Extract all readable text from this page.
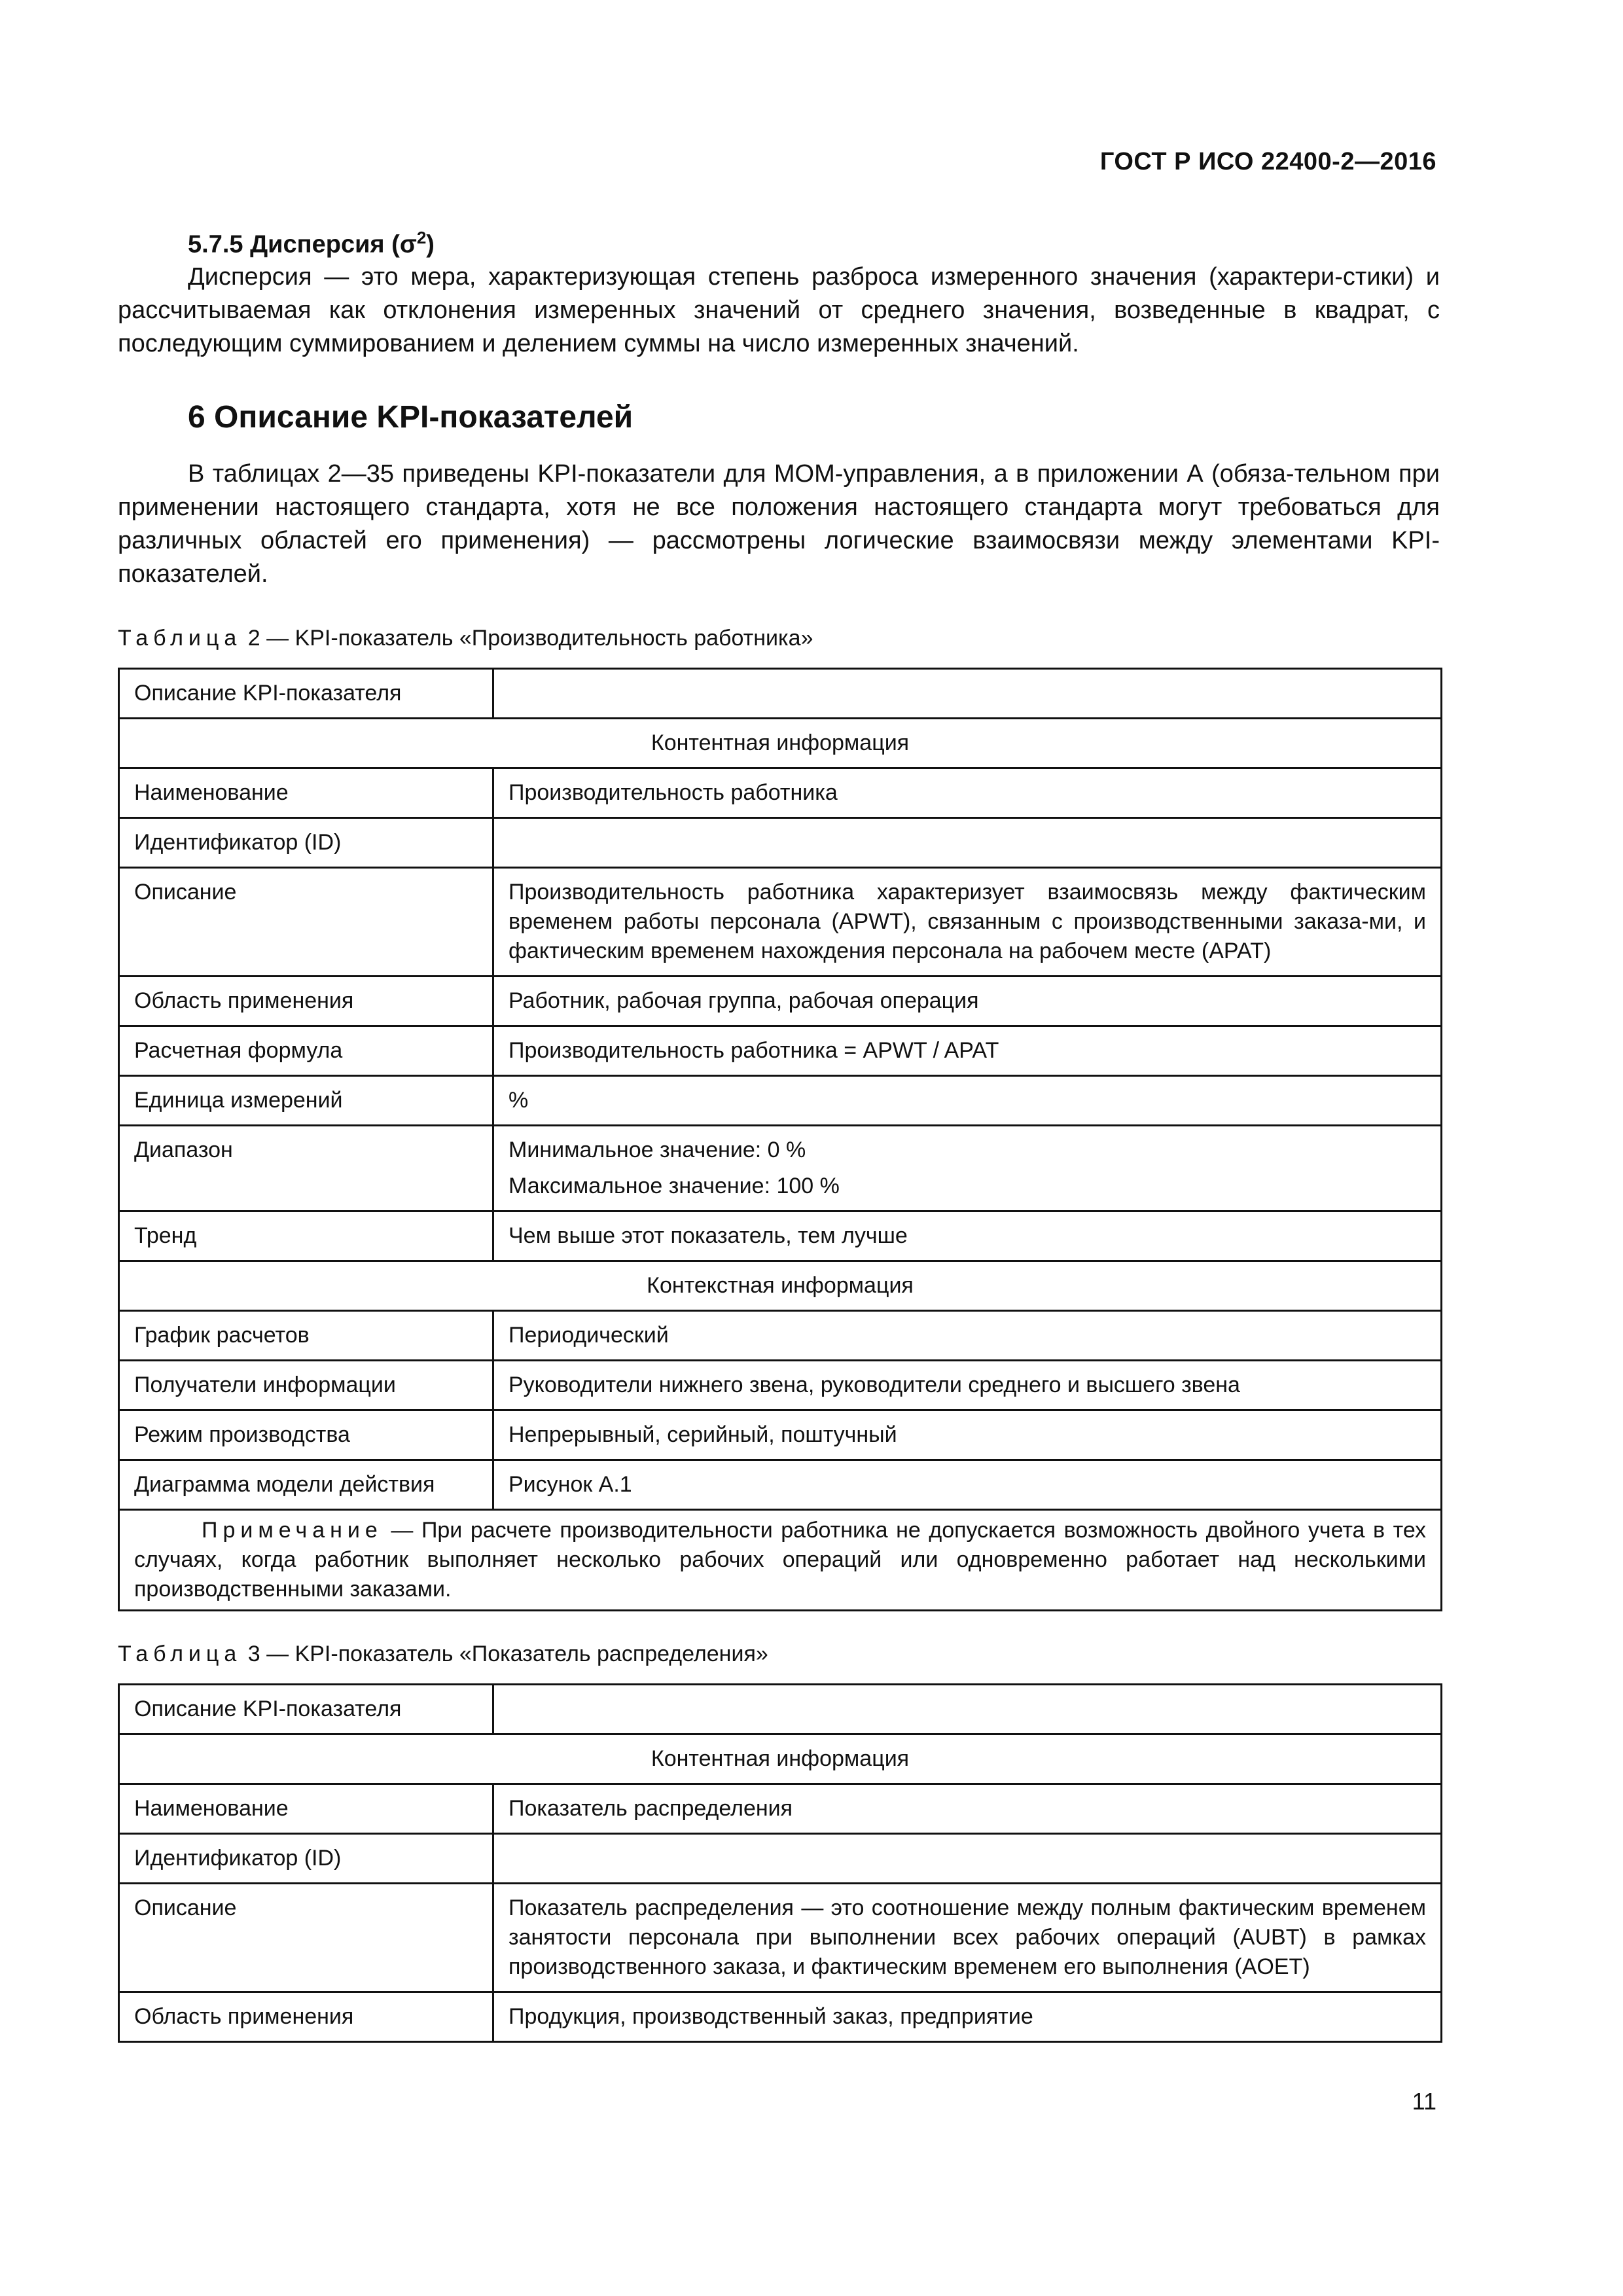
ГОСТ Р ИСО 22400-2—2016
5.7.5 Дисперсия $(\sigma^2)$
Дисперсия — это мера, характеризующая степень разброса измеренного значения (характери-стики) и рассчитываемая как отклонения измеренных значений от среднего значения, возведенные в квадрат, с последующим суммированием и делением суммы на число измеренных значений.
6 Описание KPI-показателей
В таблицах 2—35 приведены KPI-показатели для MOM-управления, а в приложении А (обяза-тельном при применении настоящего стандарта, хотя не все положения настоящего стандарта могут требоваться для различных областей его применения) — рассмотрены логические взаимосвязи между элементами KPI-показателей.
Таблица 2 — KPI-показатель «Производительность работника»
Описание KPI-показателя	
Контентная информация	
Наименование	Производительность работника
Идентификатор (ID)	
Описание	Производительность работника характеризует взаимосвязь между фактическим временем работы персонала (APWT), связанным с производственными заказа-ми, и фактическим временем нахождения персонала на рабочем месте (APAT)
Область применения	Работник, рабочая группа, рабочая операция
Расчетная формула	Производительность работника = APWT / APAT
Единица измерений	%
Диапазон	Минимальное значение: 0 %
Максимальное значение: 100 %

Тренд	Чем выше этот показатель, тем лучше
Контекстная информация	
График расчетов	Периодический
Получатели информации	Руководители нижнего звена, руководители среднего и высшего звена
Режим производства	Непрерывный, серийный, поштучный
Диаграмма модели действия	Рисунок А.1
Примечание — При расчете производительности работника не допускается возможность двойного учета в тех случаях, когда работник выполняет несколько рабочих операций или одновременно работает над несколькими производственными заказами.	
Таблица 3 — KPI-показатель «Показатель распределения»
Описание KPI-показателя	
Контентная информация	
Наименование	Показатель распределения
Идентификатор (ID)	
Описание	Показатель распределения — это соотношение между полным фактическим временем занятости персонала при выполнении всех рабочих операций (AUBT) в рамках производственного заказа, и фактическим временем его выполнения (AOET)
Область применения	Продукция, производственный заказ, предприятие
11
